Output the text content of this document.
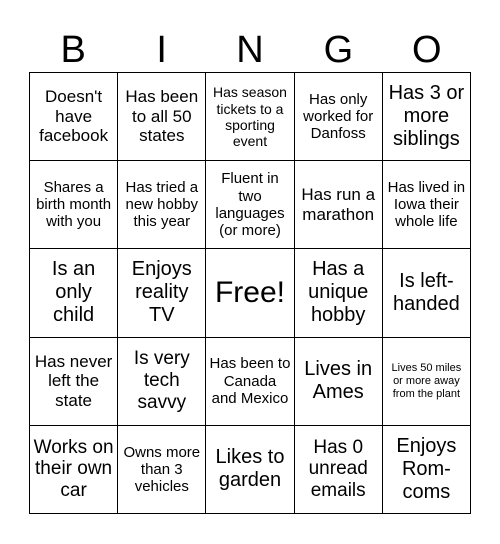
B	I	N	G	O
Doesn't have facebook
Has been to all 50 states
Has season tickets to a sporting event
Has only worked for Danfoss
Has 3 or more siblings
Shares a birth month with you
Has tried a new hobby this year
Fluent in two languages (or more)
Has run a marathon
Has lived in Iowa their whole life
Is an only child
Enjoys reality TV
Free!
Has a unique hobby
Is left-handed
Has never left the state
Is very tech savvy
Has been to Canada and Mexico
Lives in Ames
Lives 50 miles or more away from the plant
Works on their own car
Owns more than 3 vehicles
Likes to garden
Has 0 unread emails
Enjoys Rom-coms
